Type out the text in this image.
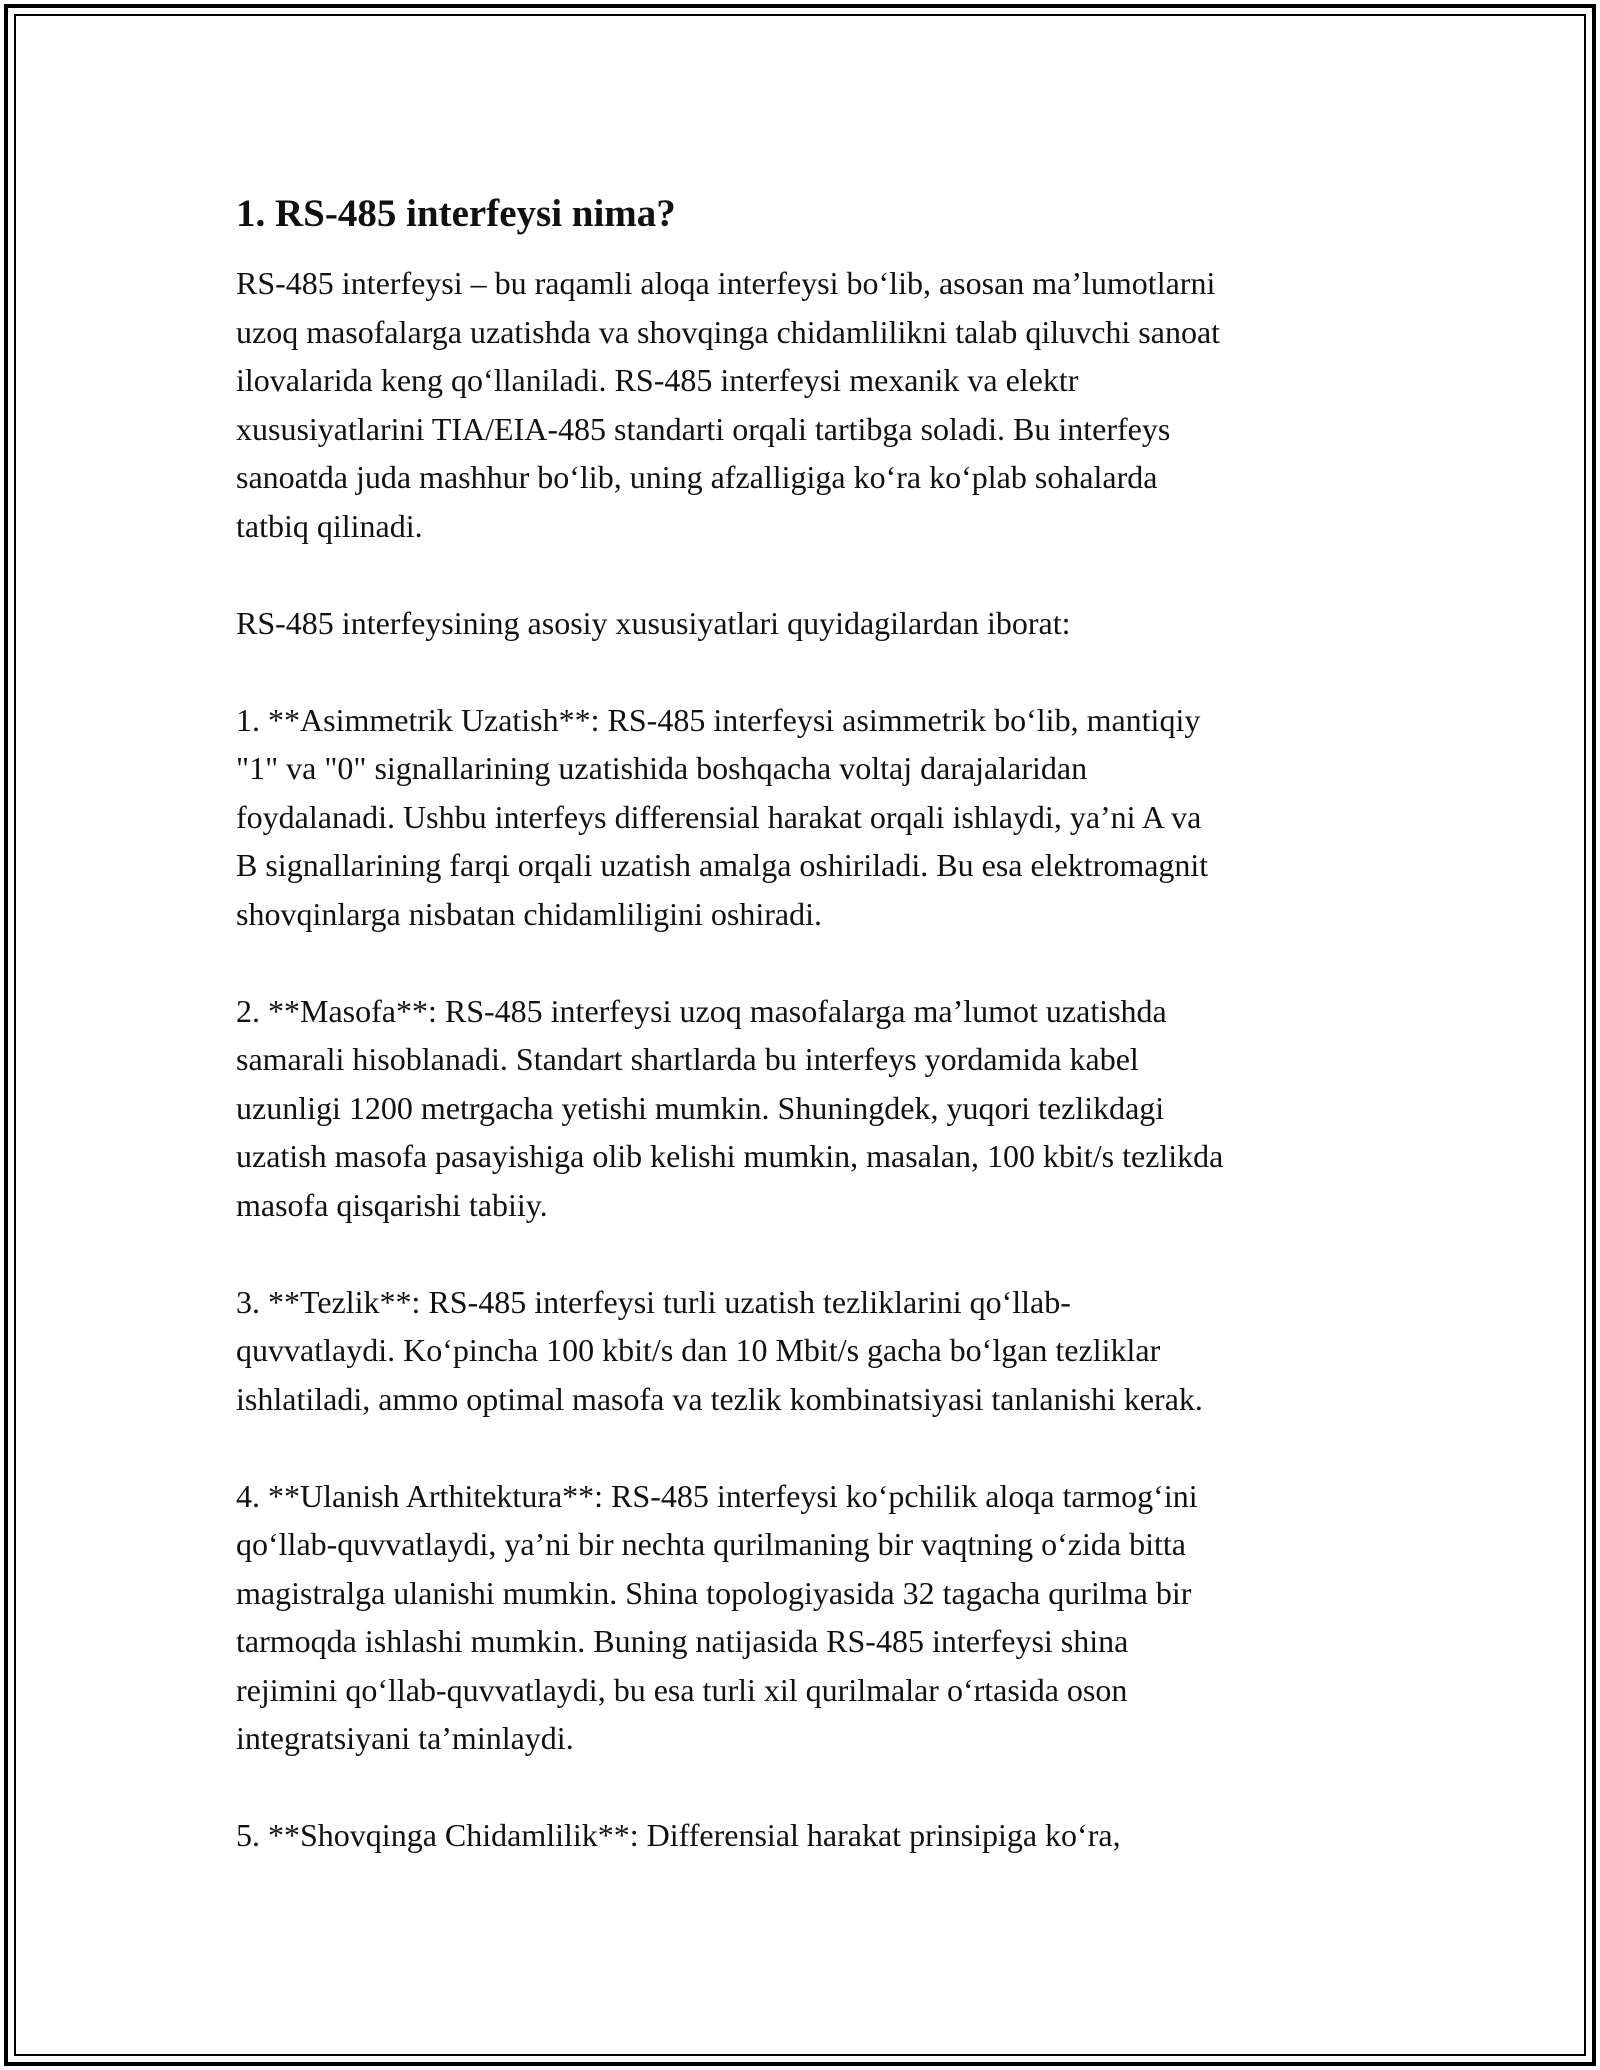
1. RS-485 interfeysi nima?

RS-485 interfeysi – bu raqamli aloqa interfeysi bo‘lib, asosan ma’lumotlarni
uzoq masofalarga uzatishda va shovqinga chidamlilikni talab qiluvchi sanoat
ilovalarida keng qo‘llaniladi. RS-485 interfeysi mexanik va elektr
xususiyatlarini TIA/EIA-485 standarti orqali tartibga soladi. Bu interfeys
sanoatda juda mashhur bo‘lib, uning afzalligiga ko‘ra ko‘plab sohalarda
tatbiq qilinadi.

RS-485 interfeysining asosiy xususiyatlari quyidagilardan iborat:

1. **Asimmetrik Uzatish**: RS-485 interfeysi asimmetrik bo‘lib, mantiqiy
"1" va "0" signallarining uzatishida boshqacha voltaj darajalaridan
foydalanadi. Ushbu interfeys differensial harakat orqali ishlaydi, ya’ni A va
B signallarining farqi orqali uzatish amalga oshiriladi. Bu esa elektromagnit
shovqinlarga nisbatan chidamliligini oshiradi.

2. **Masofa**: RS-485 interfeysi uzoq masofalarga ma’lumot uzatishda
samarali hisoblanadi. Standart shartlarda bu interfeys yordamida kabel
uzunligi 1200 metrgacha yetishi mumkin. Shuningdek, yuqori tezlikdagi
uzatish masofa pasayishiga olib kelishi mumkin, masalan, 100 kbit/s tezlikda
masofa qisqarishi tabiiy.

3. **Tezlik**: RS-485 interfeysi turli uzatish tezliklarini qo‘llab-
quvvatlaydi. Ko‘pincha 100 kbit/s dan 10 Mbit/s gacha bo‘lgan tezliklar
ishlatiladi, ammo optimal masofa va tezlik kombinatsiyasi tanlanishi kerak.

4. **Ulanish Arthitektura**: RS-485 interfeysi ko‘pchilik aloqa tarmog‘ini
qo‘llab-quvvatlaydi, ya’ni bir nechta qurilmaning bir vaqtning o‘zida bitta
magistralga ulanishi mumkin. Shina topologiyasida 32 tagacha qurilma bir
tarmoqda ishlashi mumkin. Buning natijasida RS-485 interfeysi shina
rejimini qo‘llab-quvvatlaydi, bu esa turli xil qurilmalar o‘rtasida oson
integratsiyani ta’minlaydi.

5. **Shovqinga Chidamlilik**: Differensial harakat prinsipiga ko‘ra,
